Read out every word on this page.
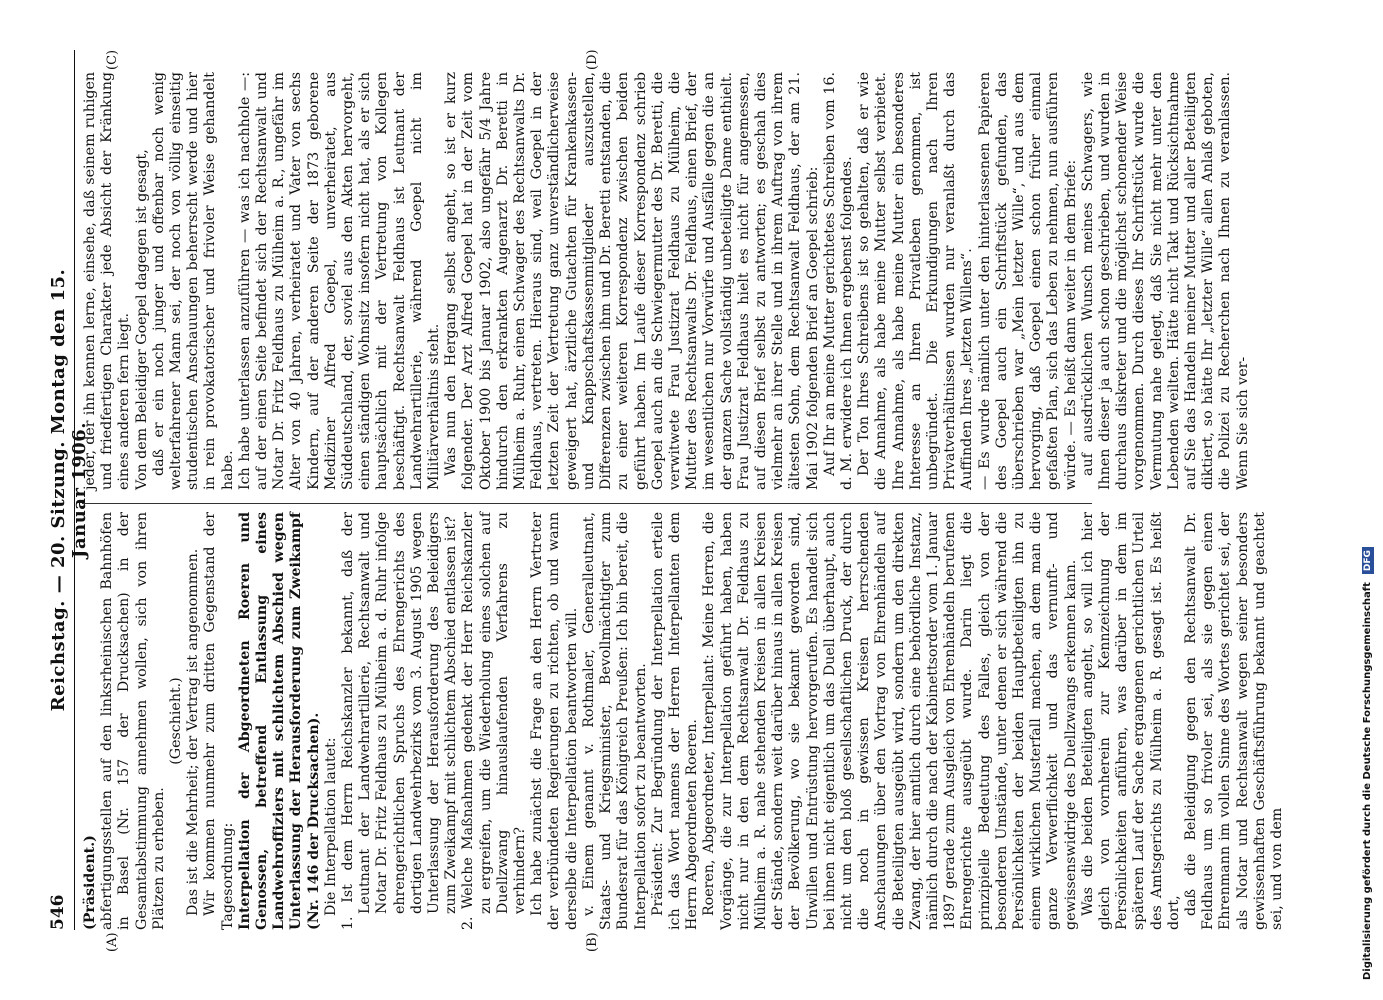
546
Reichstag. — 20. Sitzung. Montag den 15. Januar 1906.
(A)	(B)
(C)	(D)

(Präsident.) abfertigungsstellen auf den linksrheinischen Bahnhöfen in Basel (Nr. 157 der Drucksachen) in der Gesamtabstimmung annehmen wollen, sich von ihren Plätzen zu erheben.

(Geschieht.) Das ist die Mehrheit; der Vertrag ist angenommen. Wir kommen nunmehr zum dritten Gegenstand der Tagesordnung: Interpellation der Abgeordneten Roeren und Genossen, betreffend Entlassung eines Landwehroffiziers mit schlichtem Abschied wegen Unterlassung der Herausforderung zum Zweikampf (Nr. 146 der Drucksachen). Die Interpellation lautet: 1. Ist dem Herrn Reichskanzler bekannt, daß der Leutnant der Landwehrartillerie, Rechtsanwalt und Notar Dr. Fritz Feldhaus zu Mülheim a. d. Ruhr infolge ehrengerichtlichen Spruchs des Ehrengerichts des dortigen Landwehrbezirks vom 3. August 1905 wegen Unterlassung der Herausforderung des Beleidigers zum Zweikampf mit schlichtem Abschied entlassen ist? 2. Welche Maßnahmen gedenkt der Herr Reichskanzler zu ergreifen, um die Wiederholung eines solchen auf Duellzwang hinauslaufenden Verfahrens zu verhindern? Ich habe zunächst die Frage an den Herrn Vertreter der verbündeten Regierungen zu richten, ob und wann derselbe die Interpellation beantworten will. v. Einem genannt v. Rothmaler, Generalleutnant, Staats- und Kriegsminister, Bevollmächtigter zum Bundesrat für das Königreich Preußen: Ich bin bereit, die Interpellation sofort zu beantworten. Präsident: Zur Begründung der Interpellation erteile ich das Wort namens der Herren Interpellanten dem Herrn Abgeordneten Roeren. Roeren, Abgeordneter, Interpellant: Meine Herren, die Vorgänge, die zur Interpellation geführt haben, haben nicht nur in den dem Rechtsanwalt Dr. Feldhaus zu Mülheim a. R. nahe stehenden Kreisen in allen Kreisen der Stände, sondern weit darüber hinaus in allen Kreisen der Bevölkerung, wo sie bekannt geworden sind, Unwillen und Entrüstung hervorgerufen. Es handelt sich bei ihnen nicht eigentlich um das Duell überhaupt, auch nicht um den bloß gesellschaftlichen Druck, der durch die noch in gewissen Kreisen herrschenden Anschauungen über den Vortrag von Ehrenhändeln auf die Beteiligten ausgeübt wird, sondern um den direkten Zwang, der hier amtlich durch eine behördliche Instanz, nämlich durch die nach der Kabinettsorder vom 1. Januar 1897 gerade zum Ausgleich von Ehrenhändeln berufenen Ehrengerichte ausgeübt wurde. Darin liegt die prinzipielle Bedeutung des Falles, gleich von der besonderen Umstände, unter denen er sich während die Persönlichkeiten der beiden Hauptbeteiligten ihn zu einem wirklichen Musterfall machen, an dem man die ganze Verwerflichkeit und das vernunft- und gewissenswidrige des Duellzwangs erkennen kann. Was die beiden Beteiligten angeht, so will ich hier gleich von vornherein zur Kennzeichnung der Persönlichkeiten anführen, was darüber in dem im späteren Lauf der Sache ergangenen gerichtlichen Urteil des Amtsgerichts zu Mülheim a. R. gesagt ist. Es heißt dort, daß die Beleidigung gegen den Rechtsanwalt Dr. Feldhaus um so frivoler sei, als sie gegen einen Ehrenmann im vollen Sinne des Wortes gerichtet sei, der als Notar und Rechtsanwalt wegen seiner besonders gewissenhaften Geschäftsführung bekannt und geachtet sei, und von dem

jeder, der ihn kennen lerne, einsehe, daß seinem ruhigen und friedfertigen Charakter jede Absicht der Kränkung eines anderen fern liegt. Von dem Beleidiger Goepel dagegen ist gesagt, daß er ein noch junger und offenbar noch wenig welterfahrener Mann sei, der noch von völlig einseitig studentischen Anschauungen beherrscht werde und hier in rein provokatorischer und frivoler Weise gehandelt habe. Ich habe unterlassen anzuführen — was ich nachhole —: auf der einen Seite befindet sich der Rechtsanwalt und Notar Dr. Fritz Feldhaus zu Mülheim a. R., ungefähr im Alter von 40 Jahren, verheiratet und Vater von sechs Kindern, auf der anderen Seite der 1873 geborene Mediziner Alfred Goepel, unverheiratet, aus Süddeutschland, der, soviel aus den Akten hervorgeht, einen ständigen Wohnsitz insofern nicht hat, als er sich hauptsächlich mit der Vertretung von Kollegen beschäftigt. Rechtsanwalt Feldhaus ist Leutnant der Landwehrartillerie, während Goepel nicht im Militärverhältnis steht. Was nun den Hergang selbst angeht, so ist er kurz folgender. Der Arzt Alfred Goepel hat in der Zeit vom Oktober 1900 bis Januar 1902, also ungefähr 5/4 Jahre hindurch den erkrankten Augenarzt Dr. Beretti in Mülheim a. Ruhr, einen Schwager des Rechtsanwalts Dr. Feldhaus, vertreten. Hieraus sind, weil Goepel in der letzten Zeit der Vertretung ganz unverständlicherweise geweigert hat, ärztliche Gutachten für Krankenkassen- und Knappschaftskassenmitglieder auszustellen, Differenzen zwischen ihm und Dr. Beretti entstanden, die zu einer weiteren Korrespondenz zwischen beiden geführt haben. Im Laufe dieser Korrespondenz schrieb Goepel auch an die Schwiegermutter des Dr. Beretti, die verwitwete Frau Justizrat Feldhaus zu Mülheim, die Mutter des Rechtsanwalts Dr. Feldhaus, einen Brief, der im wesentlichen nur Vorwürfe und Ausfälle gegen die an der ganzen Sache vollständig unbeteiligte Dame enthielt. Frau Justizrat Feldhaus hielt es nicht für angemessen, auf diesen Brief selbst zu antworten; es geschah dies vielmehr an ihrer Stelle und in ihrem Auftrag von ihrem ältesten Sohn, dem Rechtsanwalt Feldhaus, der am 21. Mai 1902 folgenden Brief an Goepel schrieb: Auf Ihr an meine Mutter gerichtetes Schreiben vom 16. d. M. erwidere ich Ihnen ergebenst folgendes. Der Ton Ihres Schreibens ist so gehalten, daß er wie die Annahme, als habe meine Mutter selbst verbietet. Ihre Annahme, als habe meine Mutter ein besonderes Interesse an Ihren Privatleben genommen, ist unbegründet. Die Erkundigungen nach Ihren Privatverhältnissen wurden nur veranlaßt durch das Auffinden Ihres „letzten Willens“. — Es wurde nämlich unter den hinterlassenen Papieren des Goepel auch ein Schriftstück gefunden, das überschrieben war „Mein letzter Wille“, und aus dem hervorging, daß Goepel einen schon früher einmal gefaßten Plan, sich das Leben zu nehmen, nun ausführen würde. — Es heißt dann weiter in dem Briefe: auf ausdrücklichen Wunsch meines Schwagers, wie Ihnen dieser ja auch schon geschrieben, und wurden in durchaus diskreter und die möglichst schonender Weise vorgenommen. Durch dieses Ihr Schriftstück wurde die Vermutung nahe gelegt, daß Sie nicht mehr unter den Lebenden weilten. Hätte nicht Takt und Rücksichtnahme auf Sie das Handeln meiner Mutter und aller Beteiligten diktiert, so hätte Ihr „letzter Wille“ allen Anlaß geboten, die Polizei zu Recherchen nach Ihnen zu veranlassen. Wenn Sie sich ver-

Digitalisierung gefördert durch die Deutsche Forschungsgemeinschaft DFG
